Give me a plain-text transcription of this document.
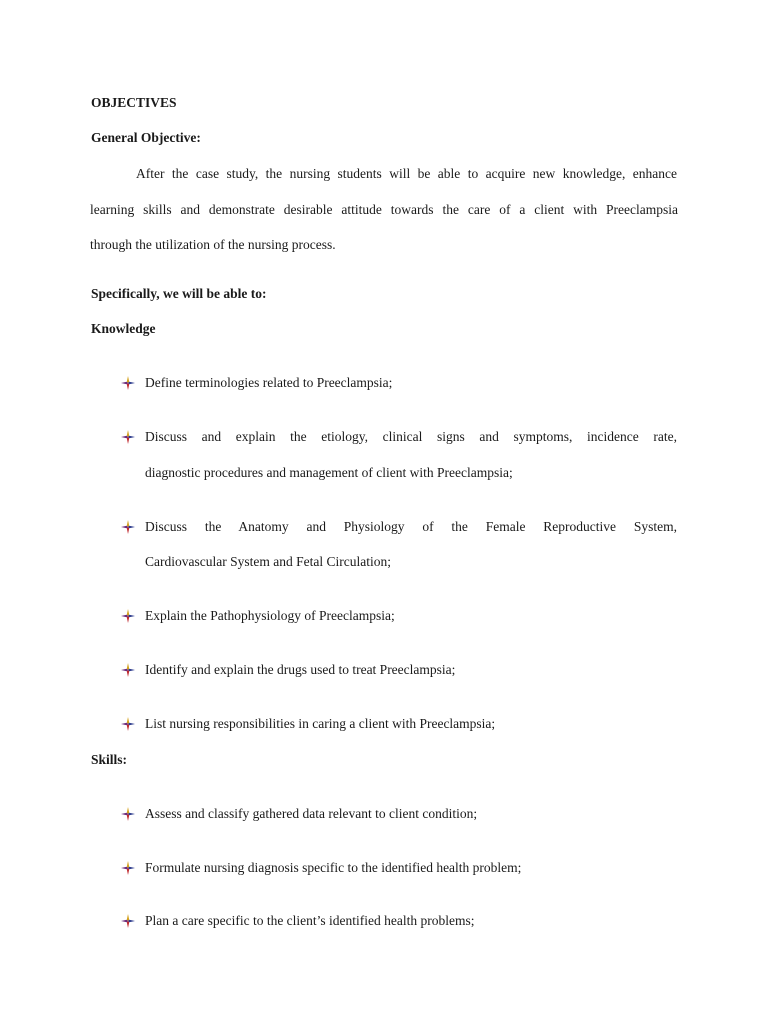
OBJECTIVES
General Objective:
After the case study, the nursing students will be able to acquire new knowledge, enhance
learning skills and demonstrate desirable attitude towards the care of a client with Preeclampsia
through the utilization of the nursing process.
Specifically, we will be able to:
Knowledge
Define terminologies related to Preeclampsia;
Discuss and explain the etiology, clinical signs and symptoms, incidence rate,
diagnostic procedures and management of client with Preeclampsia;
Discuss the Anatomy and Physiology of the Female Reproductive System,
Cardiovascular System and Fetal Circulation;
Explain the Pathophysiology of Preeclampsia;
Identify and explain the drugs used to treat Preeclampsia;
List nursing responsibilities in caring a client with Preeclampsia;
Skills:
Assess and classify gathered data relevant to client condition;
Formulate nursing diagnosis specific to the identified health problem;
Plan a care specific to the client’s identified health problems;
